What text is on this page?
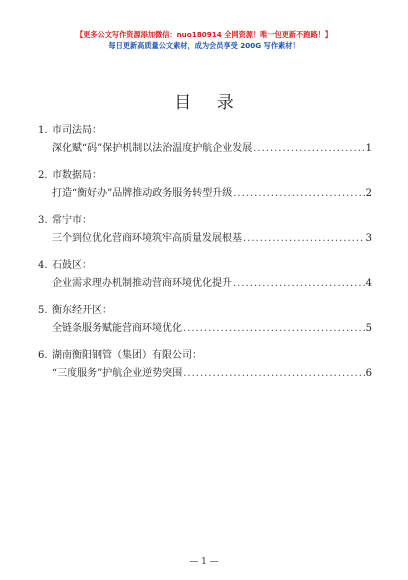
【更多公文写作资源添加微信：nuo180914 全网资源！唯一包更新不跑路！】
每日更新高质量公文素材，成为会员享受 200G 写作素材！
目 录
1. 市司法局：
深化赋“码”保护机制以法治温度护航企业发展 .....	1
2. 市数据局：
打造“衡好办”品牌推动政务服务转型升级 .....	2
3. 常宁市：
三个到位优化营商环境筑牢高质量发展根基 .....	3
4. 石鼓区：
企业需求理办机制推动营商环境优化提升 .....	4
5. 衡东经开区：
全链条服务赋能营商环境优化 .....	5
6. 湖南衡阳钢管（集团）有限公司：
“三度服务”护航企业逆势突围 .....	6
— 1 —
